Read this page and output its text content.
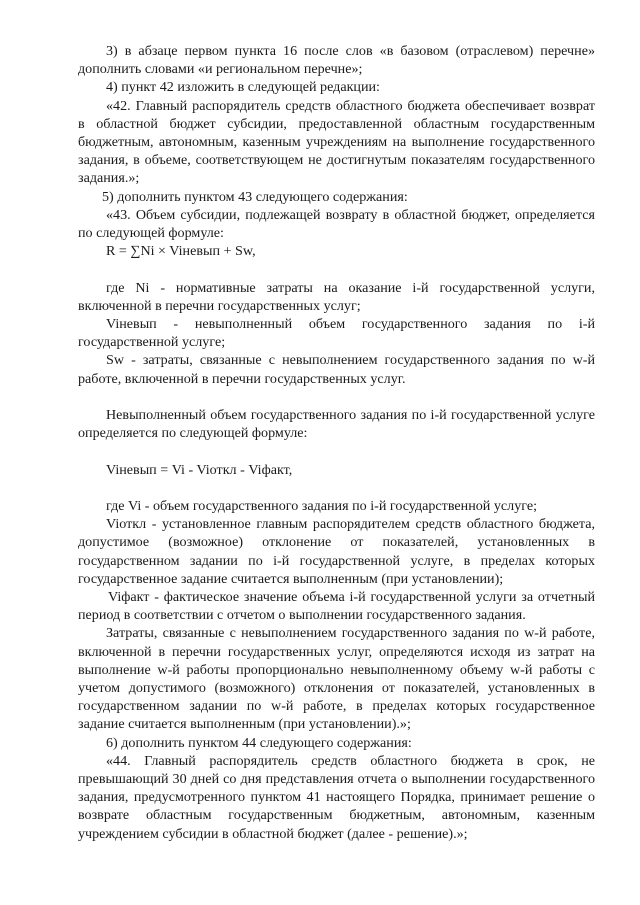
3) в абзаце первом пункта 16 после слов «в базовом (отраслевом) перечне» дополнить словами «и региональном перечне»;

4) пункт 42 изложить в следующей редакции:

«42. Главный распорядитель средств областного бюджета обеспечивает возврат в областной бюджет субсидии, предоставленной областным государственным бюджетным, автономным, казенным учреждениям на выполнение государственного задания, в объеме, соответствующем не достигнутым показателям государственного задания.»;

5) дополнить пунктом 43 следующего содержания:

«43. Объем субсидии, подлежащей возврату в областной бюджет, определяется по следующей формуле:

R = ∑Ni × Viневып + Sw,

где Ni - нормативные затраты на оказание i-й государственной услуги, включенной в перечни государственных услуг;

Viневып - невыполненный объем государственного задания по i-й государственной услуге;

Sw - затраты, связанные с невыполнением государственного задания по w-й работе, включенной в перечни государственных услуг.

Невыполненный объем государственного задания по i-й государственной услуге определяется по следующей формуле:

Viневып = Vi - Viоткл - Viфакт,

где Vi - объем государственного задания по i-й государственной услуге;

Viоткл - установленное главным распорядителем средств областного бюджета, допустимое (возможное) отклонение от показателей, установленных в государственном задании по i-й государственной услуге, в пределах которых государственное задание считается выполненным (при установлении);

Viфакт - фактическое значение объема i-й государственной услуги за отчетный период в соответствии с отчетом о выполнении государственного задания.

Затраты, связанные с невыполнением государственного задания по w-й работе, включенной в перечни государственных услуг, определяются исходя из затрат на выполнение w-й работы пропорционально невыполненному объему w-й работы с учетом допустимого (возможного) отклонения от показателей, установленных в государственном задании по w-й работе, в пределах которых государственное задание считается выполненным (при установлении).»;

6) дополнить пунктом 44 следующего содержания:

«44. Главный распорядитель средств областного бюджета в срок, не превышающий 30 дней со дня представления отчета о выполнении государственного задания, предусмотренного пунктом 41 настоящего Порядка, принимает решение о возврате областным государственным бюджетным, автономным, казенным учреждением субсидии в областной бюджет (далее - решение).»;
